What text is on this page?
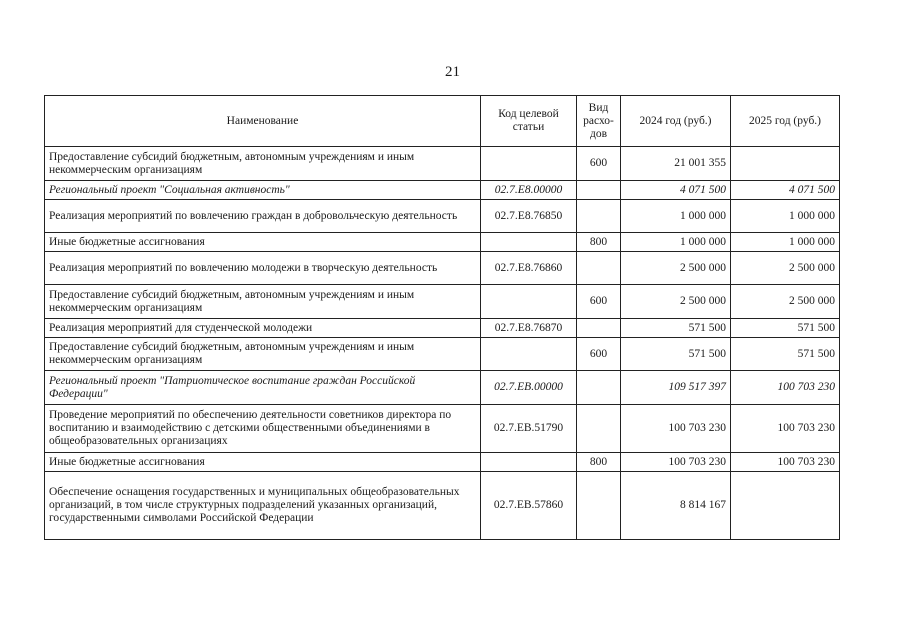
21
Наименование	Код целевой статьи	Вид расхо-дов	2024 год (руб.)	2025 год (руб.)
Предоставление субсидий бюджетным, автономным учреждениям и иным некоммерческим организациям		600	21 001 355	
Региональный проект "Социальная активность"	02.7.Е8.00000		4 071 500	4 071 500
Реализация мероприятий по вовлечению граждан в добровольческую деятельность	02.7.Е8.76850		1 000 000	1 000 000
Иные бюджетные ассигнования		800	1 000 000	1 000 000
Реализация мероприятий по вовлечению молодежи в творческую деятельность	02.7.Е8.76860		2 500 000	2 500 000
Предоставление субсидий бюджетным, автономным учреждениям и иным некоммерческим организациям		600	2 500 000	2 500 000
Реализация мероприятий для студенческой молодежи	02.7.Е8.76870		571 500	571 500
Предоставление субсидий бюджетным, автономным учреждениям и иным некоммерческим организациям		600	571 500	571 500
Региональный проект "Патриотическое воспитание граждан Российской Федерации"	02.7.ЕВ.00000		109 517 397	100 703 230
Проведение мероприятий по обеспечению деятельности советников директора по воспитанию и взаимодействию с детскими общественными объединениями в общеобразовательных организациях	02.7.ЕВ.51790		100 703 230	100 703 230
Иные бюджетные ассигнования		800	100 703 230	100 703 230
Обеспечение оснащения государственных и муниципальных общеобразовательных организаций, в том числе структурных подразделений указанных организаций, государственными символами Российской Федерации	02.7.ЕВ.57860		8 814 167	
